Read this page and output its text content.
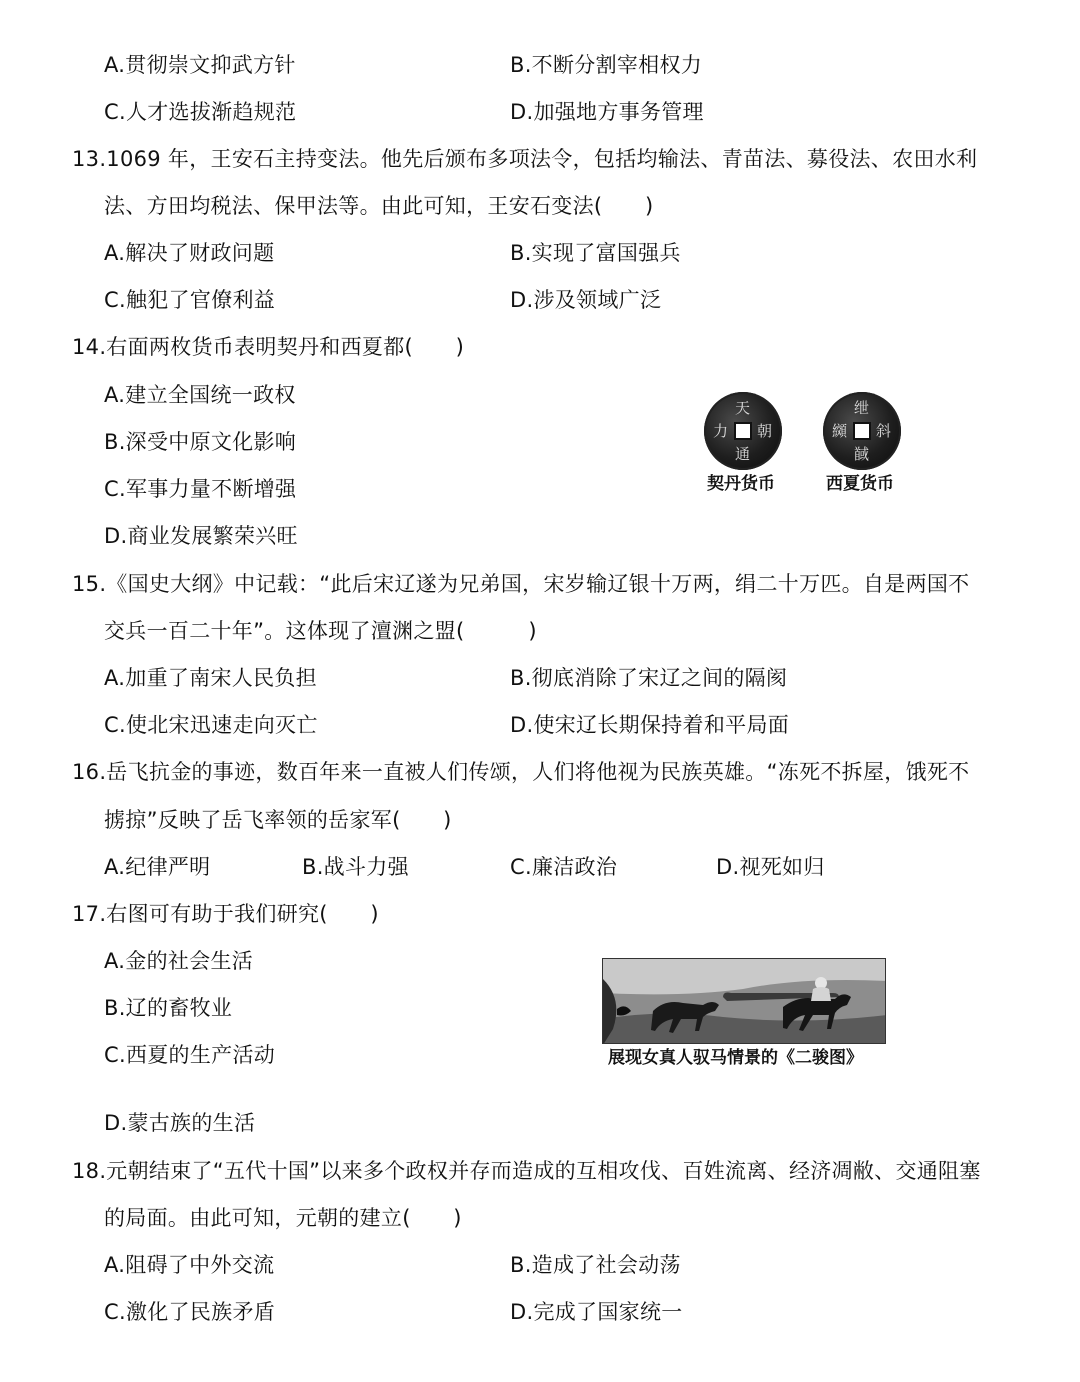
A.贯彻崇文抑武方针	B.不断分割宰相权力
C.人才选拔渐趋规范	D.加强地方事务管理
13.1069 年，王安石主持变法。他先后颁布多项法令，包括均输法、青苗法、募役法、农田水利
法、方田均税法、保甲法等。由此可知，王安石变法(　　)
A.解决了财政问题	B.实现了富国强兵
C.触犯了官僚利益	D.涉及领域广泛
14.右面两枚货币表明契丹和西夏都(　　)
A.建立全国统一政权
B.深受中原文化影响
C.军事力量不断增强
D.商业发展繁荣兴旺
天
朝
通
力
绁
斜
馘
纐
契丹货币	西夏货币
15.《国史大纲》中记载：“此后宋辽遂为兄弟国，宋岁输辽银十万两，绢二十万匹。自是两国不
交兵一百二十年”。这体现了澶渊之盟(　　　)
A.加重了南宋人民负担	B.彻底消除了宋辽之间的隔阂
C.使北宋迅速走向灭亡	D.使宋辽长期保持着和平局面
16.岳飞抗金的事迹，数百年来一直被人们传颂，人们将他视为民族英雄。“冻死不拆屋，饿死不
掳掠”反映了岳飞率领的岳家军(　　)
A.纪律严明	B.战斗力强	C.廉洁政治	D.视死如归
17.右图可有助于我们研究(　　)
A.金的社会生活
B.辽的畜牧业
C.西夏的生产活动
D.蒙古族的生活
展现女真人驭马情景的《二骏图》
18.元朝结束了“五代十国”以来多个政权并存而造成的互相攻伐、百姓流离、经济凋敝、交通阻塞
的局面。由此可知，元朝的建立(　　)
A.阻碍了中外交流	B.造成了社会动荡
C.激化了民族矛盾	D.完成了国家统一
